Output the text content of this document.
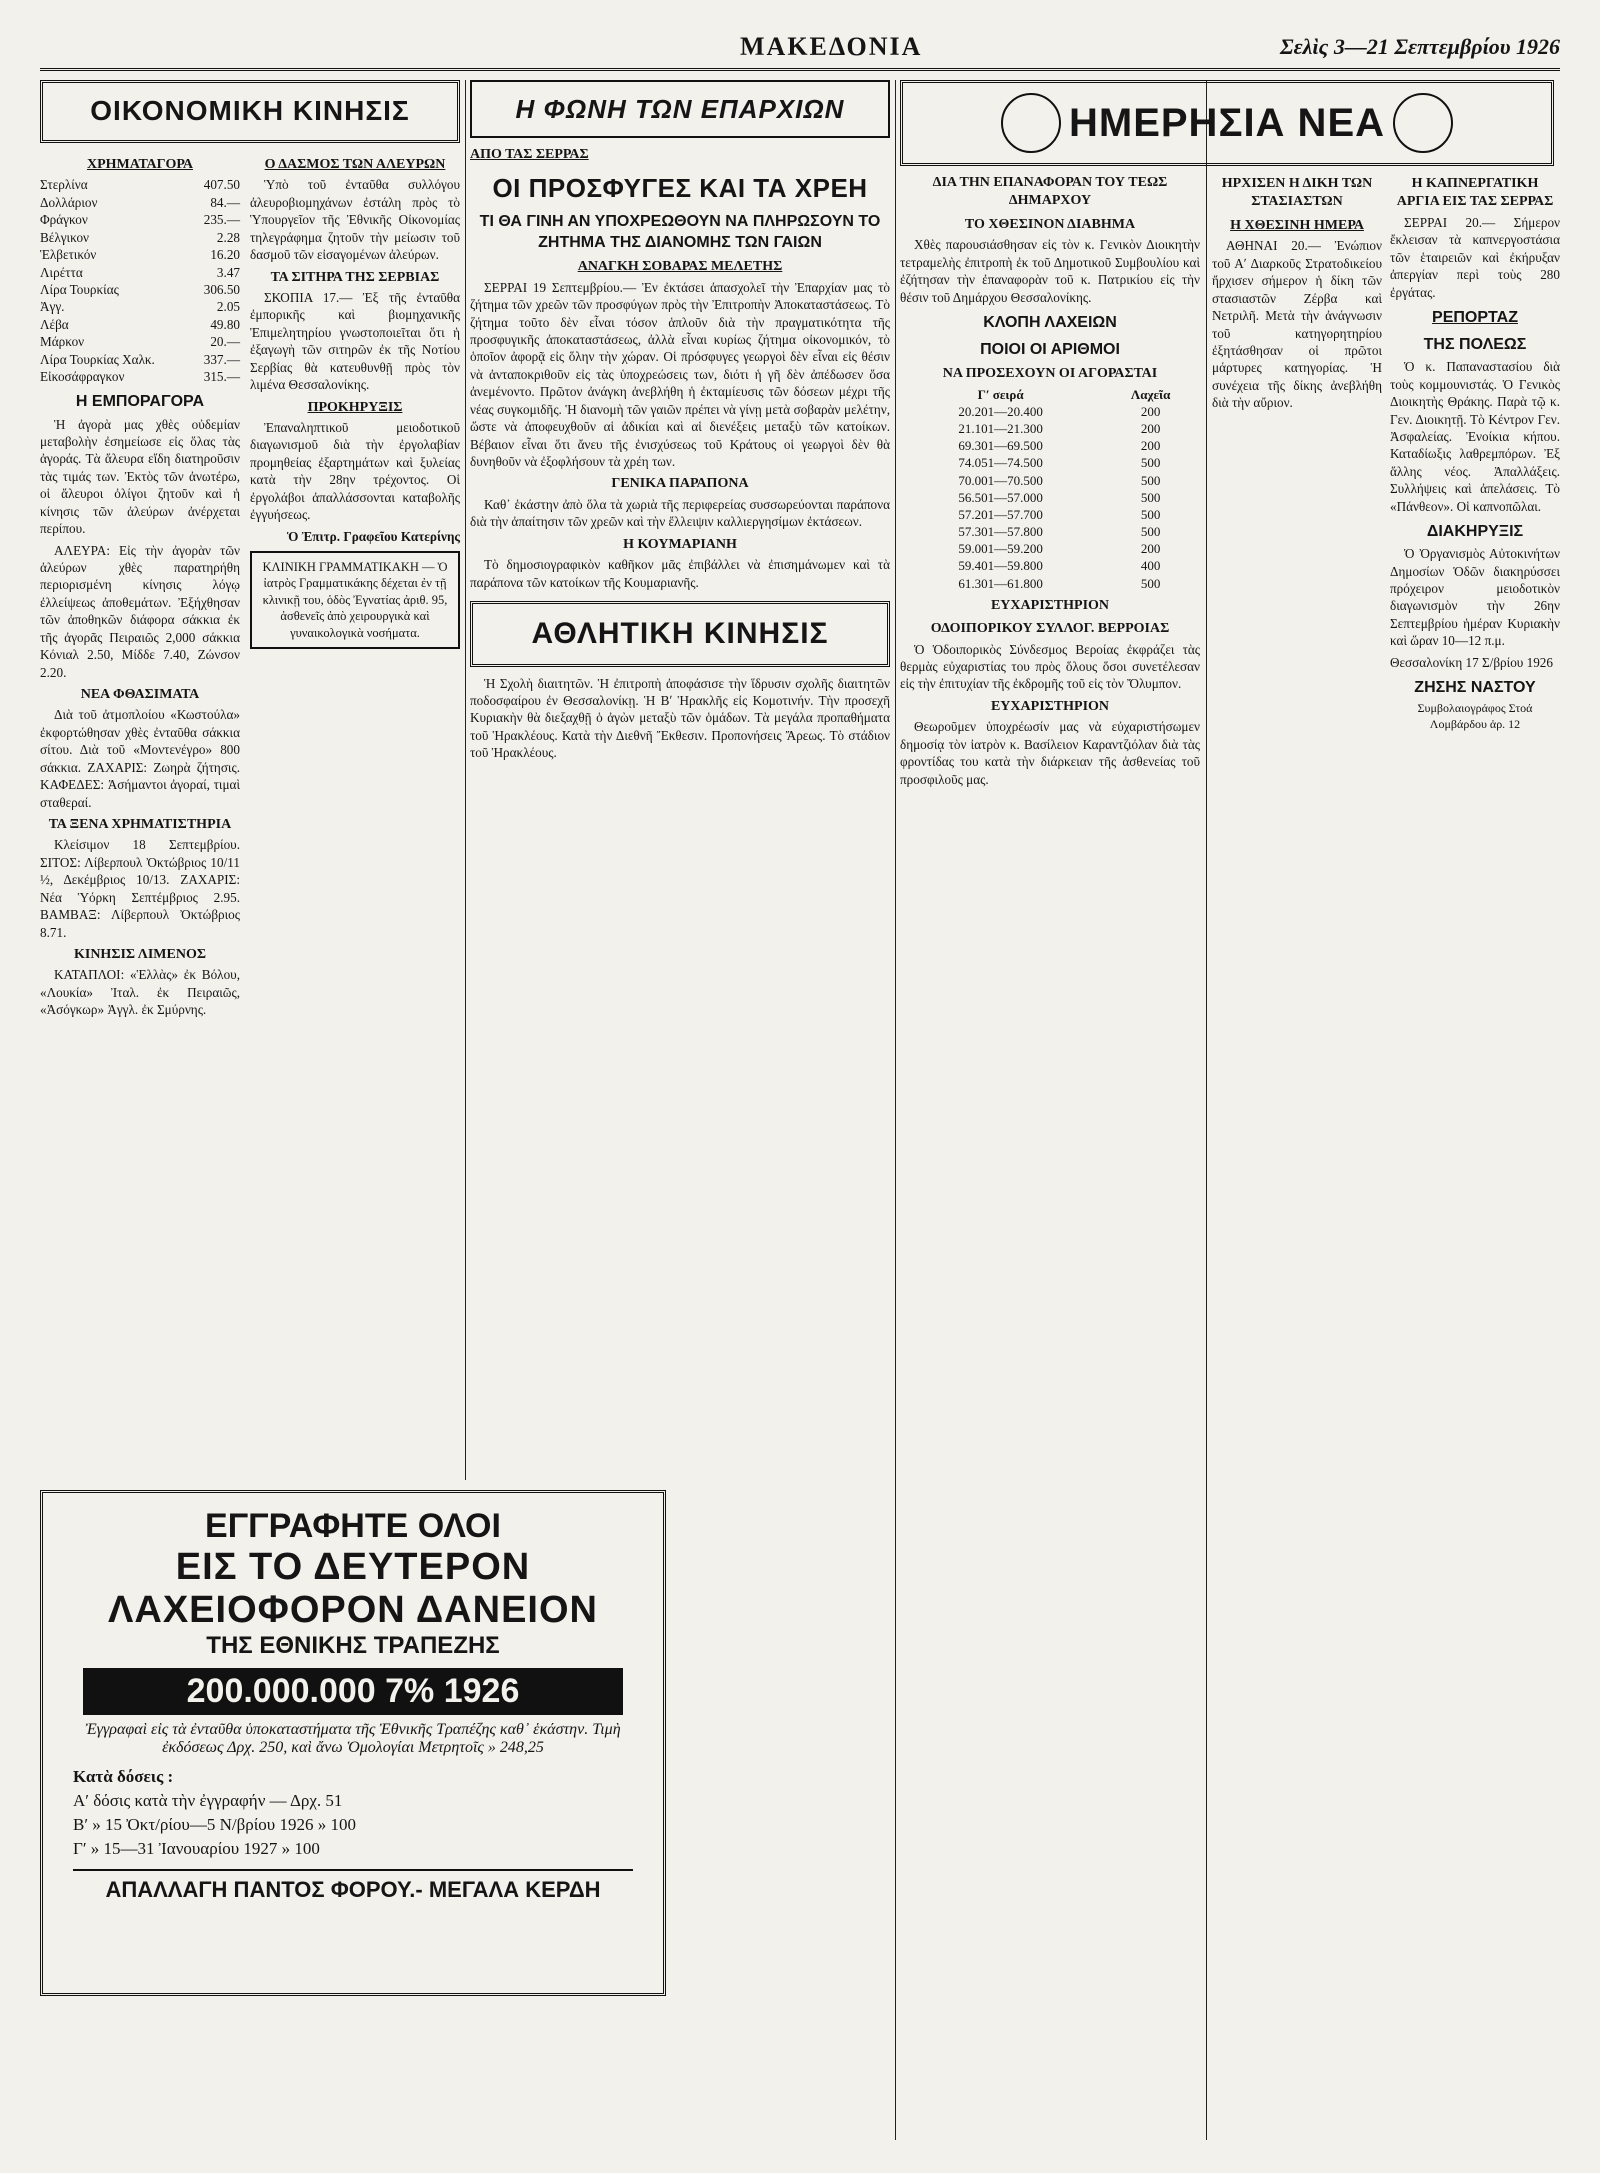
ΜΑΚΕΔΟΝΙΑ	Σελὶς 3—21 Σεπτεμβρίου 1926
ΟΙΚΟΝΟΜΙΚΗ ΚΙΝΗΣΙΣ
ΧΡΗΜΑΤΑΓΟΡΑ
Στερλίνα	407.50
Δολλάριον	84.—
Φράγκον	235.—
Βέλγικον	2.28
Ἑλβετικόν	16.20
Λιρέττα	3.47
Λίρα Τουρκίας	306.50
Ἀγγ.	2.05
Λέβα	49.80
Μάρκον	20.—
Λίρα Τουρκίας Χαλκ.	337.—
Εἰκοσάφραγκον	315.—
Η ΕΜΠΟΡΑΓΟΡΑ

Ἡ ἀγορὰ μας χθὲς οὐδεμίαν μεταβολὴν ἐσημείωσε εἰς ὅλας τὰς ἀγοράς. Τὰ ἄλευρα εἴδη διατηροῦσιν τὰς τιμάς των. Ἐκτὸς τῶν ἀνωτέρω, οἱ ἄλευροι ὀλίγοι ζητοῦν καὶ ἡ κίνησις τῶν ἀλεύρων ἀνέρχεται περίπου.

ΑΛΕΥΡΑ: Εἰς τὴν ἀγορὰν τῶν ἀλεύρων χθὲς παρατηρήθη περιορισμένη κίνησις λόγῳ ἐλλείψεως ἀποθεμάτων. Ἐξήχθησαν τῶν ἀποθηκῶν διάφορα σάκκια ἐκ τῆς ἀγορᾶς Πειραιῶς 2,000 σάκκια Κόνιαλ 2.50, Μίδδε 7.40, Ζώνσον 2.20.

ΝΕΑ ΦΘΑΣΙΜΑΤΑ

Διὰ τοῦ ἀτμοπλοίου «Κωστούλα» ἐκφορτώθησαν χθὲς ἐνταῦθα σάκκια σίτου. Διὰ τοῦ «Μοντενέγρο» 800 σάκκια. ΖΑΧΑΡΙΣ: Ζωηρὰ ζήτησις. ΚΑΦΕΔΕΣ: Ἀσήμαντοι ἀγοραί, τιμαὶ σταθεραί.

ΤΑ ΞΕΝΑ ΧΡΗΜΑΤΙΣΤΗΡΙΑ

Κλείσιμον 18 Σεπτεμβρίου. ΣΙΤΟΣ: Λίβερπουλ Ὀκτώβριος 10/11 ½, Δεκέμβριος 10/13. ΖΑΧΑΡΙΣ: Νέα Ὑόρκη Σεπτέμβριος 2.95. ΒΑΜΒΑΞ: Λίβερπουλ Ὀκτώβριος 8.71.

ΚΙΝΗΣΙΣ ΛΙΜΕΝΟΣ

ΚΑΤΑΠΛΟΙ: «Ἑλλὰς» ἐκ Βόλου, «Λουκία» Ἰταλ. ἐκ Πειραιῶς, «Ἀσόγκωρ» Ἀγγλ. ἐκ Σμύρνης.

Ο ΔΑΣΜΟΣ ΤΩΝ ΑΛΕΥΡΩΝ

Ὑπὸ τοῦ ἐνταῦθα συλλόγου ἀλευροβιομηχάνων ἐστάλη πρὸς τὸ Ὑπουργεῖον τῆς Ἐθνικῆς Οἰκονομίας τηλεγράφημα ζητοῦν τὴν μείωσιν τοῦ δασμοῦ τῶν εἰσαγομένων ἀλεύρων.

ΤΑ ΣΙΤΗΡΑ ΤΗΣ ΣΕΡΒΙΑΣ

ΣΚΟΠΙΑ 17.— Ἐξ τῆς ἐνταῦθα ἐμπορικῆς καὶ βιομηχανικῆς Ἐπιμελητηρίου γνωστοποιεῖται ὅτι ἡ ἐξαγωγὴ τῶν σιτηρῶν ἐκ τῆς Νοτίου Σερβίας θὰ κατευθυνθῇ πρὸς τὸν λιμένα Θεσσαλονίκης.

ΠΡΟΚΗΡΥΞΙΣ

Ἐπαναληπτικοῦ μειοδοτικοῦ διαγωνισμοῦ διὰ τὴν ἐργολαβίαν προμηθείας ἐξαρτημάτων καὶ ξυλείας κατὰ τὴν 28ην τρέχοντος. Οἱ ἐργολάβοι ἀπαλλάσσονται καταβολῆς ἐγγυήσεως.

Ὁ Ἐπιτρ. Γραφεῖου Κατερίνης
ΚΛΙΝΙΚΗ ΓΡΑΜΜΑΤΙΚΑΚΗ — Ὁ ἰατρὸς Γραμματικάκης δέχεται ἐν τῇ κλινικῇ του, ὁδὸς Ἐγνατίας ἀριθ. 95, ἀσθενεῖς ἀπὸ χειρουργικὰ καὶ γυναικολογικὰ νοσήματα.
Η ΦΩΝΗ ΤΩΝ ΕΠΑΡΧΙΩΝ
ΑΠΟ ΤΑΣ ΣΕΡΡΑΣ
ΟΙ ΠΡΟΣΦΥΓΕΣ ΚΑΙ ΤΑ ΧΡΕΗ
ΤΙ ΘΑ ΓΙΝΗ ΑΝ ΥΠΟΧΡΕΩΘΟΥΝ ΝΑ ΠΛΗΡΩΣΟΥΝ ΤΟ ΖΗΤΗΜΑ ΤΗΣ ΔΙΑΝΟΜΗΣ ΤΩΝ ΓΑΙΩΝ
ΑΝΑΓΚΗ ΣΟΒΑΡΑΣ ΜΕΛΕΤΗΣ

ΣΕΡΡΑΙ 19 Σεπτεμβρίου.— Ἐν ἐκτάσει ἀπασχολεῖ τὴν Ἐπαρχίαν μας τὸ ζήτημα τῶν χρεῶν τῶν προσφύγων πρὸς τὴν Ἐπιτροπὴν Ἀποκαταστάσεως. Τὸ ζήτημα τοῦτο δὲν εἶναι τόσον ἁπλοῦν διὰ τὴν πραγματικότητα τῆς προσφυγικῆς ἀποκαταστάσεως, ἀλλὰ εἶναι κυρίως ζήτημα οἰκονομικόν, τὸ ὁποῖον ἀφορᾷ εἰς ὅλην τὴν χώραν. Οἱ πρόσφυγες γεωργοὶ δὲν εἶναι εἰς θέσιν νὰ ἀνταποκριθοῦν εἰς τὰς ὑποχρεώσεις των, διότι ἡ γῆ δὲν ἀπέδωσεν ὅσα ἀνεμένοντο. Πρῶτον ἀνάγκη ἀνεβλήθη ἡ ἐκταμίευσις τῶν δόσεων μέχρι τῆς νέας συγκομιδῆς. Ἡ διανομὴ τῶν γαιῶν πρέπει νὰ γίνῃ μετὰ σοβαρὰν μελέτην, ὥστε νὰ ἀποφευχθοῦν αἱ ἀδικίαι καὶ αἱ διενέξεις μεταξὺ τῶν κατοίκων. Βέβαιον εἶναι ὅτι ἄνευ τῆς ἐνισχύσεως τοῦ Κράτους οἱ γεωργοὶ δὲν θὰ δυνηθοῦν νὰ ἐξοφλήσουν τὰ χρέη των.

ΓΕΝΙΚΑ ΠΑΡΑΠΟΝΑ

Καθ᾽ ἑκάστην ἀπὸ ὅλα τὰ χωριὰ τῆς περιφερείας συσσωρεύονται παράπονα διὰ τὴν ἀπαίτησιν τῶν χρεῶν καὶ τὴν ἔλλειψιν καλλιεργησίμων ἐκτάσεων.

Η ΚΟΥΜΑΡΙΑΝΗ

Τὸ δημοσιογραφικὸν καθῆκον μᾶς ἐπιβάλλει νὰ ἐπισημάνωμεν καὶ τὰ παράπονα τῶν κατοίκων τῆς Κουμαριανῆς.

ΑΘΛΗΤΙΚΗ ΚΙΝΗΣΙΣ

Ἡ Σχολὴ διαιτητῶν. Ἡ ἐπιτροπὴ ἀποφάσισε τὴν ἵδρυσιν σχολῆς διαιτητῶν ποδοσφαίρου ἐν Θεσσαλονίκῃ. Ἡ Βʹ Ἡρακλῆς εἰς Κομοτινήν. Τὴν προσεχῆ Κυριακὴν θὰ διεξαχθῇ ὁ ἀγὼν μεταξὺ τῶν ὁμάδων. Τὰ μεγάλα προπαθήματα τοῦ Ἡρακλέους. Κατὰ τὴν Διεθνῆ Ἔκθεσιν. Προπονήσεις Ἄρεως. Τὸ στάδιον τοῦ Ἡρακλέους.

ΗΜΕΡΗΣΙΑ ΝΕΑ
ΔΙΑ ΤΗΝ ΕΠΑΝΑΦΟΡΑΝ ΤΟΥ ΤΕΩΣ ΔΗΜΑΡΧΟΥ
ΤΟ ΧΘΕΣΙΝΟΝ ΔΙΑΒΗΜΑ

Χθὲς παρουσιάσθησαν εἰς τὸν κ. Γενικὸν Διοικητὴν τετραμελὴς ἐπιτροπὴ ἐκ τοῦ Δημοτικοῦ Συμβουλίου καὶ ἐζήτησαν τὴν ἐπαναφορὰν τοῦ κ. Πατρικίου εἰς τὴν θέσιν τοῦ Δημάρχου Θεσσαλονίκης.

ΚΛΟΠΗ ΛΑΧΕΙΩΝ
ΠΟΙΟΙ ΟΙ ΑΡΙΘΜΟΙ
ΝΑ ΠΡΟΣΕΧΟΥΝ ΟΙ ΑΓΟΡΑΣΤΑΙ
Γʹ σειρά	Λαχεῖα
20.201—20.400	200
21.101—21.300	200
69.301—69.500	200
74.051—74.500	500
70.001—70.500	500
56.501—57.000	500
57.201—57.700	500
57.301—57.800	500
59.001—59.200	200
59.401—59.800	400
61.301—61.800	500
ΕΥΧΑΡΙΣΤΗΡΙΟΝ
ΟΔΟΙΠΟΡΙΚΟΥ ΣΥΛΛΟΓ. ΒΕΡΡΟΙΑΣ

Ὁ Ὁδοιπορικὸς Σύνδεσμος Βεροίας ἐκφράζει τὰς θερμὰς εὐχαριστίας του πρὸς ὅλους ὅσοι συνετέλεσαν εἰς τὴν ἐπιτυχίαν τῆς ἐκδρομῆς τοῦ εἰς τὸν Ὄλυμπον.

ΕΥΧΑΡΙΣΤΗΡΙΟΝ

Θεωροῦμεν ὑποχρέωσίν μας νὰ εὐχαριστήσωμεν δημοσίᾳ τὸν ἰατρὸν κ. Βασίλειον Καραντζιόλαν διὰ τὰς φροντίδας του κατὰ τὴν διάρκειαν τῆς ἀσθενείας τοῦ προσφιλοῦς μας.

ΗΡΧΙΣΕΝ Η ΔΙΚΗ ΤΩΝ ΣΤΑΣΙΑΣΤΩΝ
Η ΧΘΕΣΙΝΗ ΗΜΕΡΑ

ΑΘΗΝΑΙ 20.— Ἐνώπιον τοῦ Αʹ Διαρκοῦς Στρατοδικείου ἤρχισεν σήμερον ἡ δίκη τῶν στασιαστῶν Ζέρβα καὶ Νετριλῆ. Μετὰ τὴν ἀνάγνωσιν τοῦ κατηγορητηρίου ἐξητάσθησαν οἱ πρῶτοι μάρτυρες κατηγορίας. Ἡ συνέχεια τῆς δίκης ἀνεβλήθη διὰ τὴν αὔριον.

Η ΚΑΠΝΕΡΓΑΤΙΚΗ ΑΡΓΙΑ ΕΙΣ ΤΑΣ ΣΕΡΡΑΣ

ΣΕΡΡΑΙ 20.— Σήμερον ἔκλεισαν τὰ καπνεργοστάσια τῶν ἑταιρειῶν καὶ ἐκήρυξαν ἀπεργίαν περὶ τοὺς 280 ἐργάτας.

ΡΕΠΟΡΤΑΖ
ΤΗΣ ΠΟΛΕΩΣ

Ὁ κ. Παπαναστασίου διὰ τοὺς κομμουνιστάς. Ὁ Γενικὸς Διοικητὴς Θράκης. Παρὰ τῷ κ. Γεν. Διοικητῇ. Τὸ Κέντρον Γεν. Ἀσφαλείας. Ἐνοίκια κήπου. Καταδίωξις λαθρεμπόρων. Ἐξ ἄλλης νέος. Ἀπαλλάξεις. Συλλήψεις καὶ ἀπελάσεις. Τὸ «Πάνθεον». Οἱ καπνοπῶλαι.

ΔΙΑΚΗΡΥΞΙΣ

Ὁ Ὀργανισμὸς Αὐτοκινήτων Δημοσίων Ὁδῶν διακηρύσσει πρόχειρον μειοδοτικὸν διαγωνισμὸν τὴν 26ην Σεπτεμβρίου ἡμέραν Κυριακὴν καὶ ὥραν 10—12 π.μ.

Θεσσαλονίκη 17 Σ/βρίου 1926
ΖΗΣΗΣ ΝΑΣΤΟΥ
Συμβολαιογράφος Στοά Λομβάρδου ἀρ. 12
ΕΓΓΡΑΦΗΤΕ ΟΛΟΙ
ΕΙΣ ΤΟ ΔΕΥΤΕΡΟΝ ΛΑΧΕΙΟΦΟΡΟΝ ΔΑΝΕΙΟΝ
ΤΗΣ ΕΘΝΙΚΗΣ ΤΡΑΠΕΖΗΣ
200.000.000 7% 1926
Ἐγγραφαὶ εἰς τὰ ἐνταῦθα ὑποκαταστήματα τῆς Ἐθνικῆς Τραπέζης καθ᾽ ἑκάστην. Τιμὴ ἐκδόσεως Δρχ. 250, καὶ ἄνω Ὁμολογίαι Μετρητοῖς » 248,25
Κατὰ δόσεις :
Αʹ δόσις κατὰ τὴν ἐγγραφήν — Δρχ. 51
Βʹ » 15 Ὀκτ/ρίου—5 Ν/βρίου 1926 » 100
Γʹ » 15—31 Ἰανουαρίου 1927 » 100
ΑΠΑΛΛΑΓΗ ΠΑΝΤΟΣ ΦΟΡΟΥ.- ΜΕΓΑΛΑ ΚΕΡΔΗ
